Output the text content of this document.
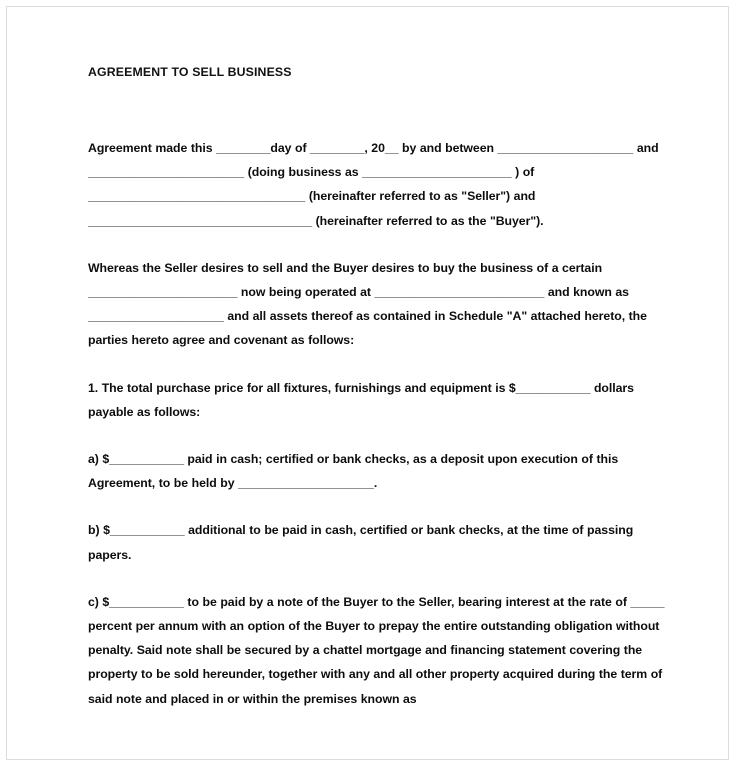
AGREEMENT TO SELL BUSINESS

Agreement made this ________day of ________, 20__ by and between ____________________ and _______________________ (doing business as ______________________ ) of ________________________________ (hereinafter referred to as "Seller") and _________________________________ (hereinafter referred to as the "Buyer").

Whereas the Seller desires to sell and the Buyer desires to buy the business of a certain ______________________ now being operated at _________________________ and known as ____________________ and all assets thereof as contained in Schedule "A" attached hereto, the parties hereto agree and covenant as follows:

1. The total purchase price for all fixtures, furnishings and equipment is $___________ dollars payable as follows:

a) $___________ paid in cash; certified or bank checks, as a deposit upon execution of this Agreement, to be held by ____________________.

b) $___________ additional to be paid in cash, certified or bank checks, at the time of passing papers.

c) $___________ to be paid by a note of the Buyer to the Seller, bearing interest at the rate of _____ percent per annum with an option of the Buyer to prepay the entire outstanding obligation without penalty. Said note shall be secured by a chattel mortgage and financing statement covering the property to be sold hereunder, together with any and all other property acquired during the term of said note and placed in or within the premises known as
